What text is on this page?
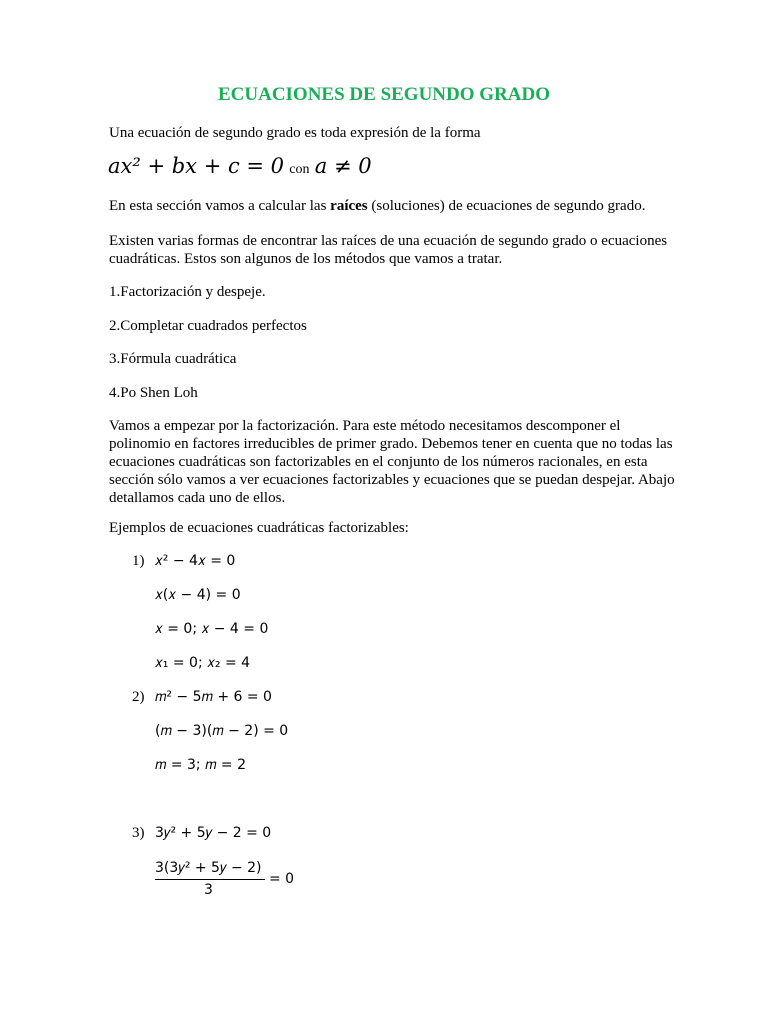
ECUACIONES DE SEGUNDO GRADO
Una ecuación de segundo grado es toda expresión de la forma
ax² + bx + c = 0 con a ≠ 0
En esta sección vamos a calcular las raíces (soluciones) de ecuaciones de segundo grado.
Existen varias formas de encontrar las raíces de una ecuación de segundo grado o ecuaciones cuadráticas. Estos son algunos de los métodos que vamos a tratar.
1.Factorización y despeje.
2.Completar cuadrados perfectos
3.Fórmula cuadrática
4.Po Shen Loh
Vamos a empezar por la factorización. Para este método necesitamos descomponer el polinomio en factores irreducibles de primer grado. Debemos tener en cuenta que no todas las ecuaciones cuadráticas son factorizables en el conjunto de los números racionales, en esta sección sólo vamos a ver ecuaciones factorizables y ecuaciones que se puedan despejar. Abajo detallamos cada uno de ellos.
Ejemplos de ecuaciones cuadráticas factorizables:
1) 𝑥² − 4𝑥 = 0
𝑥(𝑥 − 4) = 0
𝑥 = 0; 𝑥 − 4 = 0
𝑥₁ = 0; 𝑥₂ = 4
2) 𝑚² − 5𝑚 + 6 = 0
(𝑚 − 3)(𝑚 − 2) = 0
𝑚 = 3; 𝑚 = 2
3) 3𝑦² + 5𝑦 − 2 = 0
3(3𝑦² + 5𝑦 − 2)
3
= 0
